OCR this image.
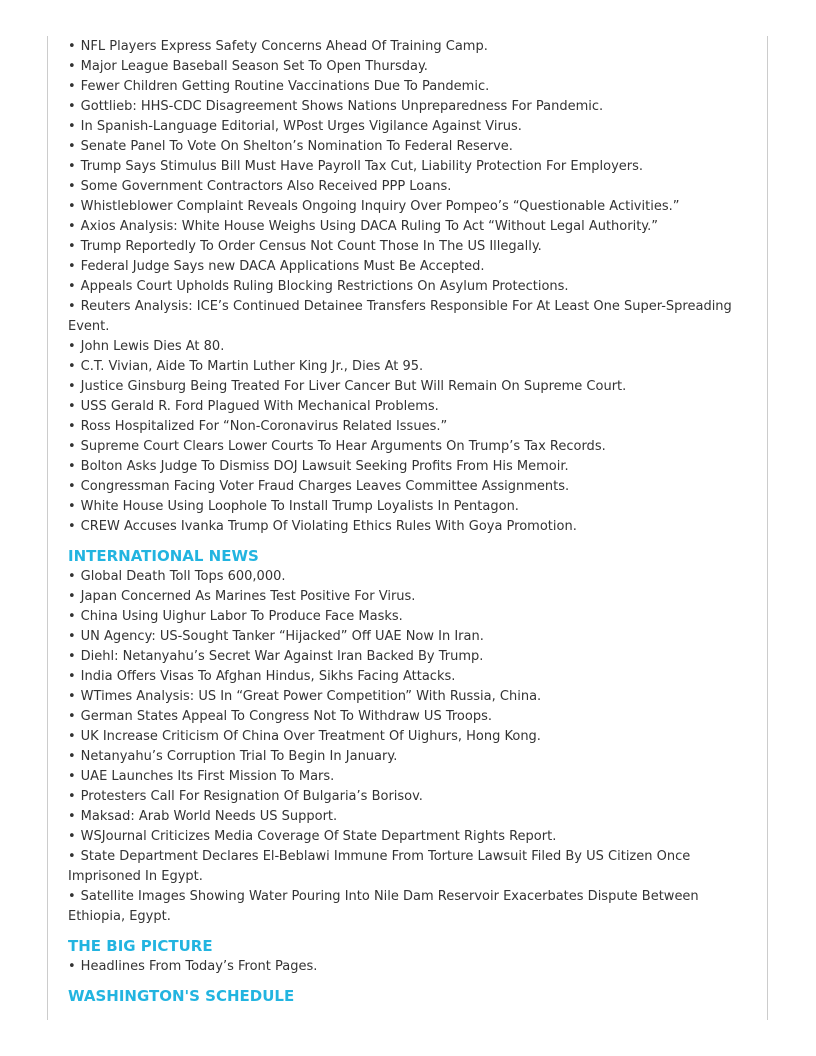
• NFL Players Express Safety Concerns Ahead Of Training Camp.
• Major League Baseball Season Set To Open Thursday.
• Fewer Children Getting Routine Vaccinations Due To Pandemic.
• Gottlieb: HHS-CDC Disagreement Shows Nations Unpreparedness For Pandemic.
• In Spanish-Language Editorial, WPost Urges Vigilance Against Virus.
• Senate Panel To Vote On Shelton’s Nomination To Federal Reserve.
• Trump Says Stimulus Bill Must Have Payroll Tax Cut, Liability Protection For Employers.
• Some Government Contractors Also Received PPP Loans.
• Whistleblower Complaint Reveals Ongoing Inquiry Over Pompeo’s “Questionable Activities.”
• Axios Analysis: White House Weighs Using DACA Ruling To Act “Without Legal Authority.”
• Trump Reportedly To Order Census Not Count Those In The US Illegally.
• Federal Judge Says new DACA Applications Must Be Accepted.
• Appeals Court Upholds Ruling Blocking Restrictions On Asylum Protections.
• Reuters Analysis: ICE’s Continued Detainee Transfers Responsible For At Least One Super-Spreading Event.
• John Lewis Dies At 80.
• C.T. Vivian, Aide To Martin Luther King Jr., Dies At 95.
• Justice Ginsburg Being Treated For Liver Cancer But Will Remain On Supreme Court.
• USS Gerald R. Ford Plagued With Mechanical Problems.
• Ross Hospitalized For “Non-Coronavirus Related Issues.”
• Supreme Court Clears Lower Courts To Hear Arguments On Trump’s Tax Records.
• Bolton Asks Judge To Dismiss DOJ Lawsuit Seeking Profits From His Memoir.
• Congressman Facing Voter Fraud Charges Leaves Committee Assignments.
• White House Using Loophole To Install Trump Loyalists In Pentagon.
• CREW Accuses Ivanka Trump Of Violating Ethics Rules With Goya Promotion.
INTERNATIONAL NEWS
• Global Death Toll Tops 600,000.
• Japan Concerned As Marines Test Positive For Virus.
• China Using Uighur Labor To Produce Face Masks.
• UN Agency: US-Sought Tanker “Hijacked” Off UAE Now In Iran.
• Diehl: Netanyahu’s Secret War Against Iran Backed By Trump.
• India Offers Visas To Afghan Hindus, Sikhs Facing Attacks.
• WTimes Analysis: US In “Great Power Competition” With Russia, China.
• German States Appeal To Congress Not To Withdraw US Troops.
• UK Increase Criticism Of China Over Treatment Of Uighurs, Hong Kong.
• Netanyahu’s Corruption Trial To Begin In January.
• UAE Launches Its First Mission To Mars.
• Protesters Call For Resignation Of Bulgaria’s Borisov.
• Maksad: Arab World Needs US Support.
• WSJournal Criticizes Media Coverage Of State Department Rights Report.
• State Department Declares El-Beblawi Immune From Torture Lawsuit Filed By US Citizen Once Imprisoned In Egypt.
• Satellite Images Showing Water Pouring Into Nile Dam Reservoir Exacerbates Dispute Between Ethiopia, Egypt.
THE BIG PICTURE
• Headlines From Today’s Front Pages.
WASHINGTON'S SCHEDULE
